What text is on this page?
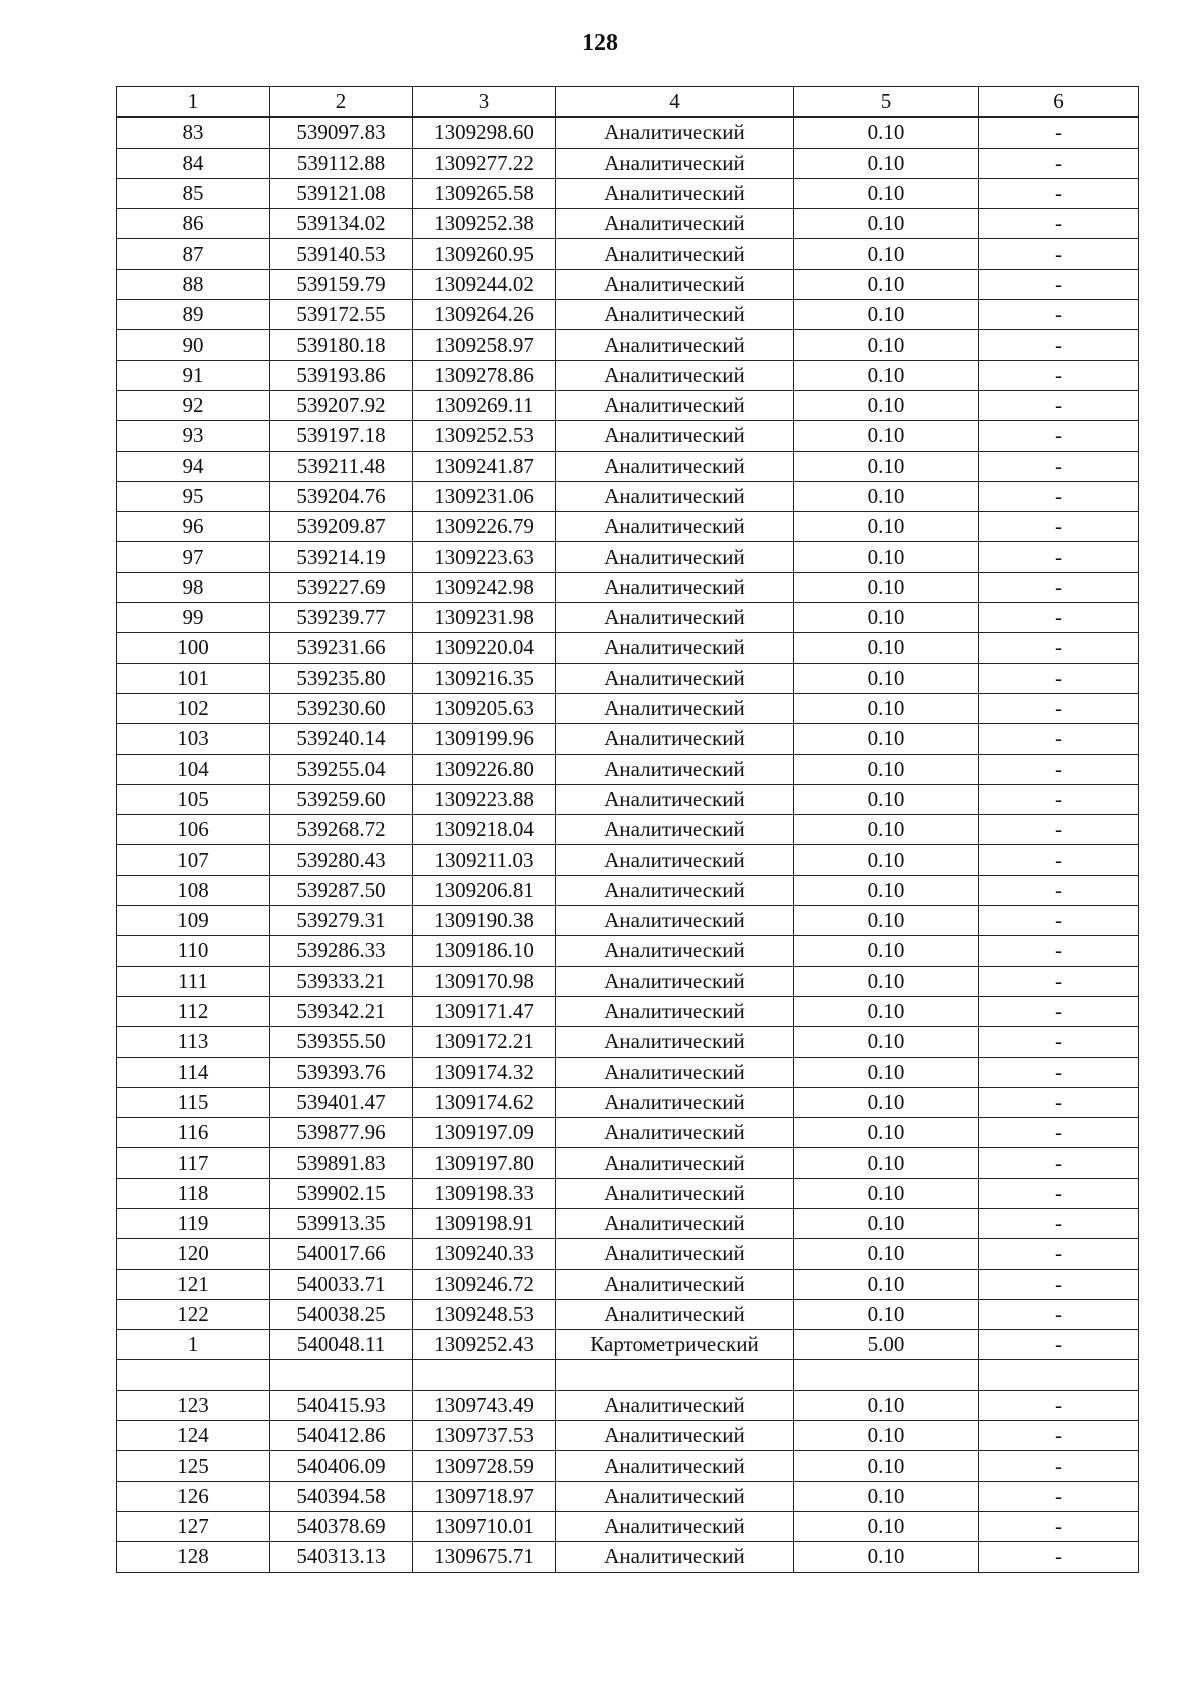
128
1	2	3	4	5	6
83	539097.83	1309298.60	Аналитический	0.10	-
84	539112.88	1309277.22	Аналитический	0.10	-
85	539121.08	1309265.58	Аналитический	0.10	-
86	539134.02	1309252.38	Аналитический	0.10	-
87	539140.53	1309260.95	Аналитический	0.10	-
88	539159.79	1309244.02	Аналитический	0.10	-
89	539172.55	1309264.26	Аналитический	0.10	-
90	539180.18	1309258.97	Аналитический	0.10	-
91	539193.86	1309278.86	Аналитический	0.10	-
92	539207.92	1309269.11	Аналитический	0.10	-
93	539197.18	1309252.53	Аналитический	0.10	-
94	539211.48	1309241.87	Аналитический	0.10	-
95	539204.76	1309231.06	Аналитический	0.10	-
96	539209.87	1309226.79	Аналитический	0.10	-
97	539214.19	1309223.63	Аналитический	0.10	-
98	539227.69	1309242.98	Аналитический	0.10	-
99	539239.77	1309231.98	Аналитический	0.10	-
100	539231.66	1309220.04	Аналитический	0.10	-
101	539235.80	1309216.35	Аналитический	0.10	-
102	539230.60	1309205.63	Аналитический	0.10	-
103	539240.14	1309199.96	Аналитический	0.10	-
104	539255.04	1309226.80	Аналитический	0.10	-
105	539259.60	1309223.88	Аналитический	0.10	-
106	539268.72	1309218.04	Аналитический	0.10	-
107	539280.43	1309211.03	Аналитический	0.10	-
108	539287.50	1309206.81	Аналитический	0.10	-
109	539279.31	1309190.38	Аналитический	0.10	-
110	539286.33	1309186.10	Аналитический	0.10	-
111	539333.21	1309170.98	Аналитический	0.10	-
112	539342.21	1309171.47	Аналитический	0.10	-
113	539355.50	1309172.21	Аналитический	0.10	-
114	539393.76	1309174.32	Аналитический	0.10	-
115	539401.47	1309174.62	Аналитический	0.10	-
116	539877.96	1309197.09	Аналитический	0.10	-
117	539891.83	1309197.80	Аналитический	0.10	-
118	539902.15	1309198.33	Аналитический	0.10	-
119	539913.35	1309198.91	Аналитический	0.10	-
120	540017.66	1309240.33	Аналитический	0.10	-
121	540033.71	1309246.72	Аналитический	0.10	-
122	540038.25	1309248.53	Аналитический	0.10	-
1	540048.11	1309252.43	Картометрический	5.00	-

123	540415.93	1309743.49	Аналитический	0.10	-
124	540412.86	1309737.53	Аналитический	0.10	-
125	540406.09	1309728.59	Аналитический	0.10	-
126	540394.58	1309718.97	Аналитический	0.10	-
127	540378.69	1309710.01	Аналитический	0.10	-
128	540313.13	1309675.71	Аналитический	0.10	-
